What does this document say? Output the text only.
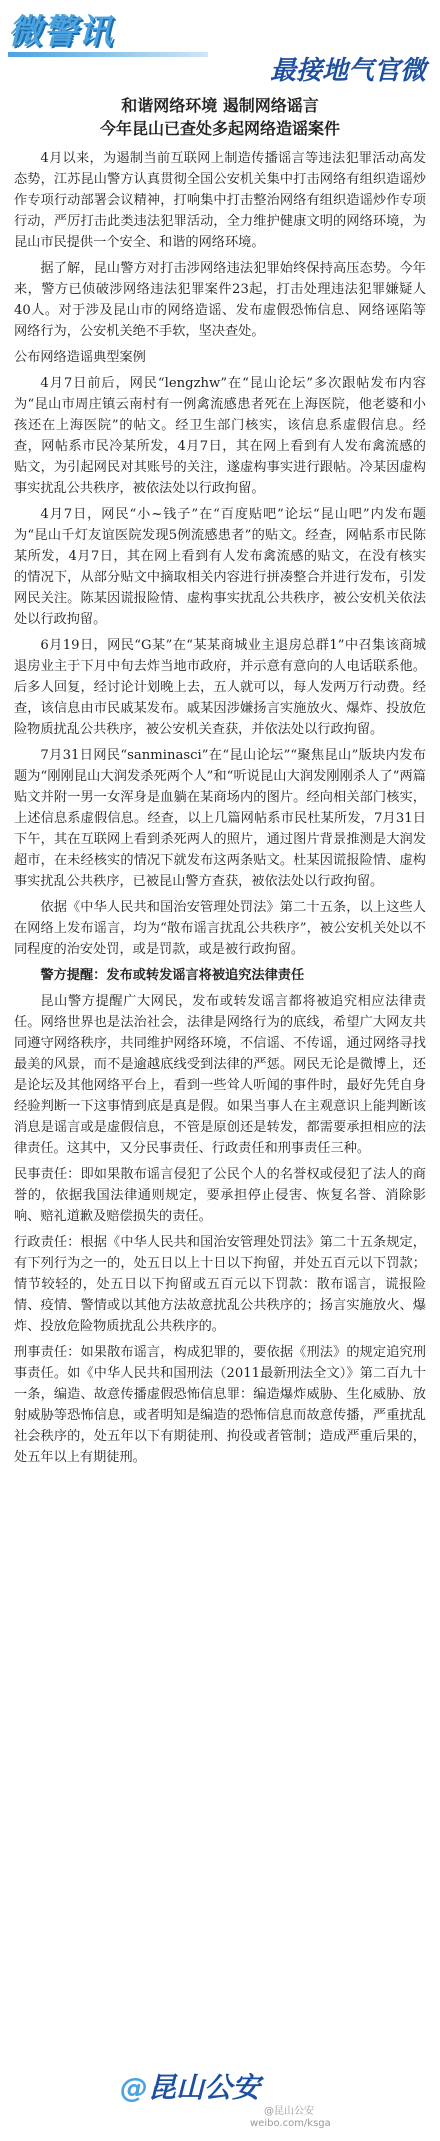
微警讯
最接地气官微
和谐网络环境 遏制网络谣言
今年昆山已查处多起网络造谣案件

4月以来，为遏制当前互联网上制造传播谣言等违法犯罪活动高发态势，江苏昆山警方认真贯彻全国公安机关集中打击网络有组织造谣炒作专项行动部署会议精神，打响集中打击整治网络有组织造谣炒作专项行动，严厉打击此类违法犯罪活动，全力维护健康文明的网络环境，为昆山市民提供一个安全、和谐的网络环境。

据了解，昆山警方对打击涉网络违法犯罪始终保持高压态势。今年来，警方已侦破涉网络违法犯罪案件23起，打击处理违法犯罪嫌疑人40人。对于涉及昆山市的网络造谣、发布虚假恐怖信息、网络诬陷等网络行为，公安机关绝不手软，坚决查处。

公布网络造谣典型案例

4月7日前后，网民“lengzhw”在“昆山论坛”多次跟帖发布内容为“昆山市周庄镇云南村有一例禽流感患者死在上海医院，他老婆和小孩还在上海医院”的帖文。经卫生部门核实，该信息系虚假信息。经查，网帖系市民冷某所发，4月7日，其在网上看到有人发布禽流感的贴文，为引起网民对其账号的关注，遂虚构事实进行跟帖。冷某因虚构事实扰乱公共秩序，被依法处以行政拘留。

4月7日，网民“小~钱子”在“百度贴吧”论坛“昆山吧”内发布题为“昆山千灯友谊医院发现5例流感患者”的贴文。经查，网帖系市民陈某所发，4月7日，其在网上看到有人发布禽流感的贴文，在没有核实的情况下，从部分贴文中摘取相关内容进行拼凑整合并进行发布，引发网民关注。陈某因谎报险情、虚构事实扰乱公共秩序，被公安机关依法处以行政拘留。

6月19日，网民“G某”在“某某商城业主退房总群1”中召集该商城退房业主于下月中旬去炸当地市政府，并示意有意向的人电话联系他。后多人回复，经讨论计划晚上去，五人就可以，每人发两万行动费。经查，该信息由市民戚某发布。戚某因涉嫌扬言实施放火、爆炸、投放危险物质扰乱公共秩序，被公安机关查获，并依法处以行政拘留。

7月31日网民“sanminasci”在“昆山论坛”“聚焦昆山”版块内发布题为“刚刚昆山大润发杀死两个人”和“听说昆山大润发刚刚杀人了”两篇贴文并附一男一女浑身是血躺在某商场内的图片。经向相关部门核实，上述信息系虚假信息。经查，以上几篇网帖系市民杜某所发，7月31日下午，其在互联网上看到杀死两人的照片，通过图片背景推测是大润发超市，在未经核实的情况下就发布这两条贴文。杜某因谎报险情、虚构事实扰乱公共秩序，已被昆山警方查获，被依法处以行政拘留。

依据《中华人民共和国治安管理处罚法》第二十五条，以上这些人在网络上发布谣言，均为“散布谣言扰乱公共秩序”，被公安机关处以不同程度的治安处罚，或是罚款，或是被行政拘留。

警方提醒：发布或转发谣言将被追究法律责任

昆山警方提醒广大网民，发布或转发谣言都将被追究相应法律责任。网络世界也是法治社会，法律是网络行为的底线，希望广大网友共同遵守网络秩序，共同维护网络环境，不信谣、不传谣，通过网络寻找最美的风景，而不是逾越底线受到法律的严惩。网民无论是微博上，还是论坛及其他网络平台上，看到一些耸人听闻的事件时，最好先凭自身经验判断一下这事情到底是真是假。如果当事人在主观意识上能判断该消息是谣言或是虚假信息，不管是原创还是转发，都需要承担相应的法律责任。这其中，又分民事责任、行政责任和刑事责任三种。

民事责任：即如果散布谣言侵犯了公民个人的名誉权或侵犯了法人的商誉的，依据我国法律通则规定，要承担停止侵害、恢复名誉、消除影响、赔礼道歉及赔偿损失的责任。

行政责任：根据《中华人民共和国治安管理处罚法》第二十五条规定，有下列行为之一的，处五日以上十日以下拘留，并处五百元以下罚款；情节较轻的，处五日以下拘留或五百元以下罚款：散布谣言，谎报险情、疫情、警情或以其他方法故意扰乱公共秩序的；扬言实施放火、爆炸、投放危险物质扰乱公共秩序的。

刑事责任：如果散布谣言，构成犯罪的，要依据《刑法》的规定追究刑事责任。如《中华人民共和国刑法（2011最新刑法全文）》第二百九十一条，编造、故意传播虚假恐怖信息罪：编造爆炸威胁、生化威胁、放射威胁等恐怖信息，或者明知是编造的恐怖信息而故意传播，严重扰乱社会秩序的，处五年以下有期徒刑、拘役或者管制；造成严重后果的，处五年以上有期徒刑。

@昆山公安
@昆山公安
weibo.com/ksga
